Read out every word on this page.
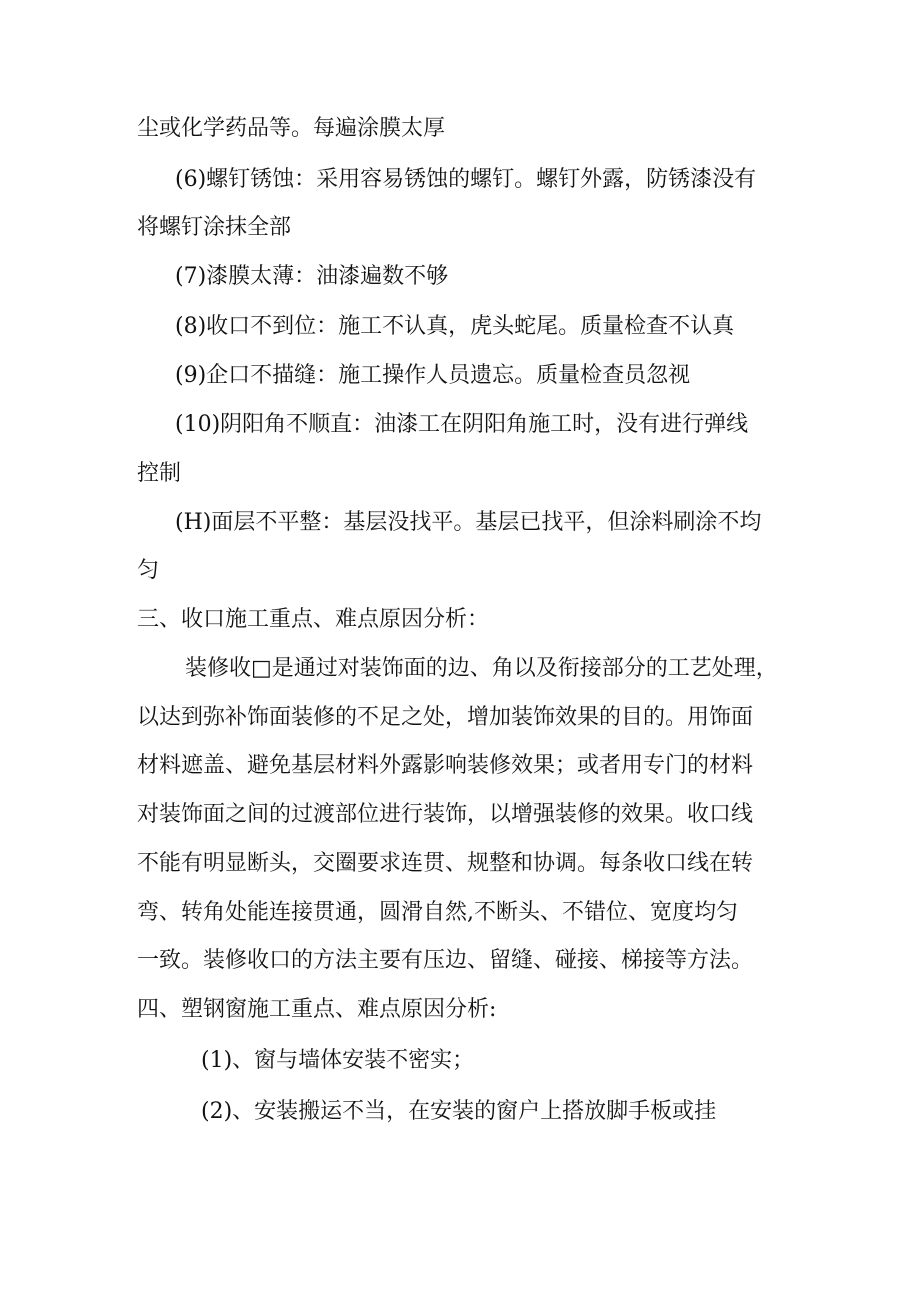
尘或化学药品等。每遍涂膜太厚
(6)螺钉锈蚀：采用容易锈蚀的螺钉。螺钉外露，防锈漆没有
将螺钉涂抹全部
(7)漆膜太薄：油漆遍数不够
(8)收口不到位：施工不认真，虎头蛇尾。质量检查不认真
(9)企口不描缝：施工操作人员遗忘。质量检查员忽视
(10)阴阳角不顺直：油漆工在阴阳角施工时，没有进行弹线
控制
(H)面层不平整：基层没找平。基层已找平，但涂料刷涂不均
匀
三、收口施工重点、难点原因分析：
装修收□是通过对装饰面的边、角以及衔接部分的工艺处理，
以达到弥补饰面装修的不足之处，增加装饰效果的目的。用饰面
材料遮盖、避免基层材料外露影响装修效果；或者用专门的材料
对装饰面之间的过渡部位进行装饰，以增强装修的效果。收口线
不能有明显断头，交圈要求连贯、规整和协调。每条收口线在转
弯、转角处能连接贯通，圆滑自然,不断头、不错位、宽度均匀
一致。装修收口的方法主要有压边、留缝、碰接、梯接等方法。
四、塑钢窗施工重点、难点原因分析:
(1)、窗与墙体安装不密实；
(2)、安装搬运不当，在安装的窗户上搭放脚手板或挂
